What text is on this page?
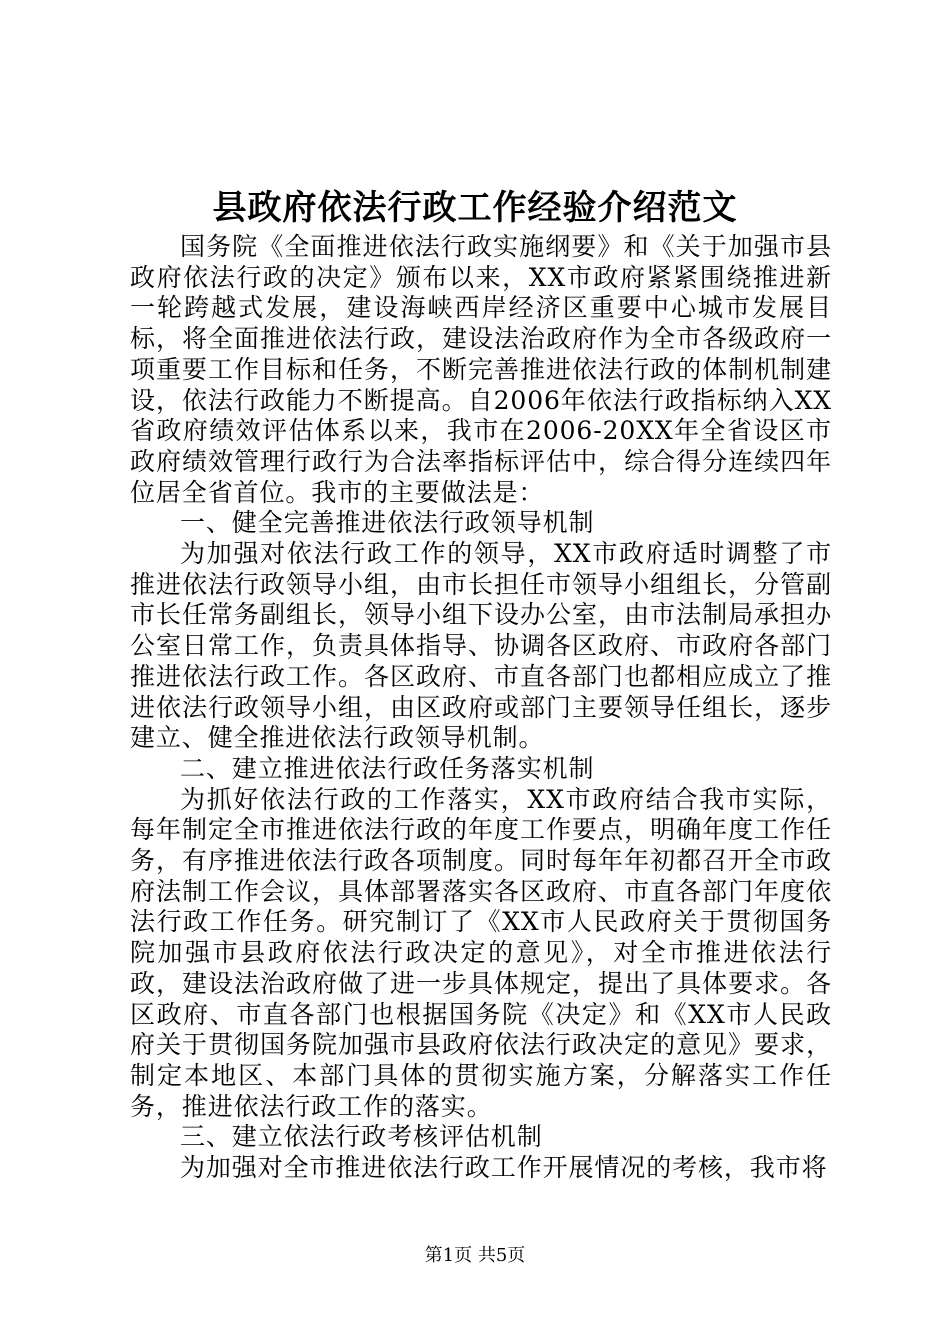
县政府依法行政工作经验介绍范文

国务院《全面推进依法行政实施纲要》和《关于加强市县政府依法行政的决定》颁布以来，XX市政府紧紧围绕推进新一轮跨越式发展，建设海峡西岸经济区重要中心城市发展目标，将全面推进依法行政，建设法治政府作为全市各级政府一项重要工作目标和任务，不断完善推进依法行政的体制机制建设，依法行政能力不断提高。自2006年依法行政指标纳入XX省政府绩效评估体系以来，我市在2006-20XX年全省设区市政府绩效管理行政行为合法率指标评估中，综合得分连续四年位居全省首位。我市的主要做法是：

一、健全完善推进依法行政领导机制

为加强对依法行政工作的领导，XX市政府适时调整了市推进依法行政领导小组，由市长担任市领导小组组长，分管副市长任常务副组长，领导小组下设办公室，由市法制局承担办公室日常工作，负责具体指导、协调各区政府、市政府各部门推进依法行政工作。各区政府、市直各部门也都相应成立了推进依法行政领导小组，由区政府或部门主要领导任组长，逐步建立、健全推进依法行政领导机制。

二、建立推进依法行政任务落实机制

为抓好依法行政的工作落实，XX市政府结合我市实际，每年制定全市推进依法行政的年度工作要点，明确年度工作任务，有序推进依法行政各项制度。同时每年年初都召开全市政府法制工作会议，具体部署落实各区政府、市直各部门年度依法行政工作任务。研究制订了《XX市人民政府关于贯彻国务院加强市县政府依法行政决定的意见》，对全市推进依法行政，建设法治政府做了进一步具体规定，提出了具体要求。各区政府、市直各部门也根据国务院《决定》和《XX市人民政府关于贯彻国务院加强市县政府依法行政决定的意见》要求，制定本地区、本部门具体的贯彻实施方案，分解落实工作任务，推进依法行政工作的落实。

三、建立依法行政考核评估机制

为加强对全市推进依法行政工作开展情况的考核，我市将

第1页 共5页
